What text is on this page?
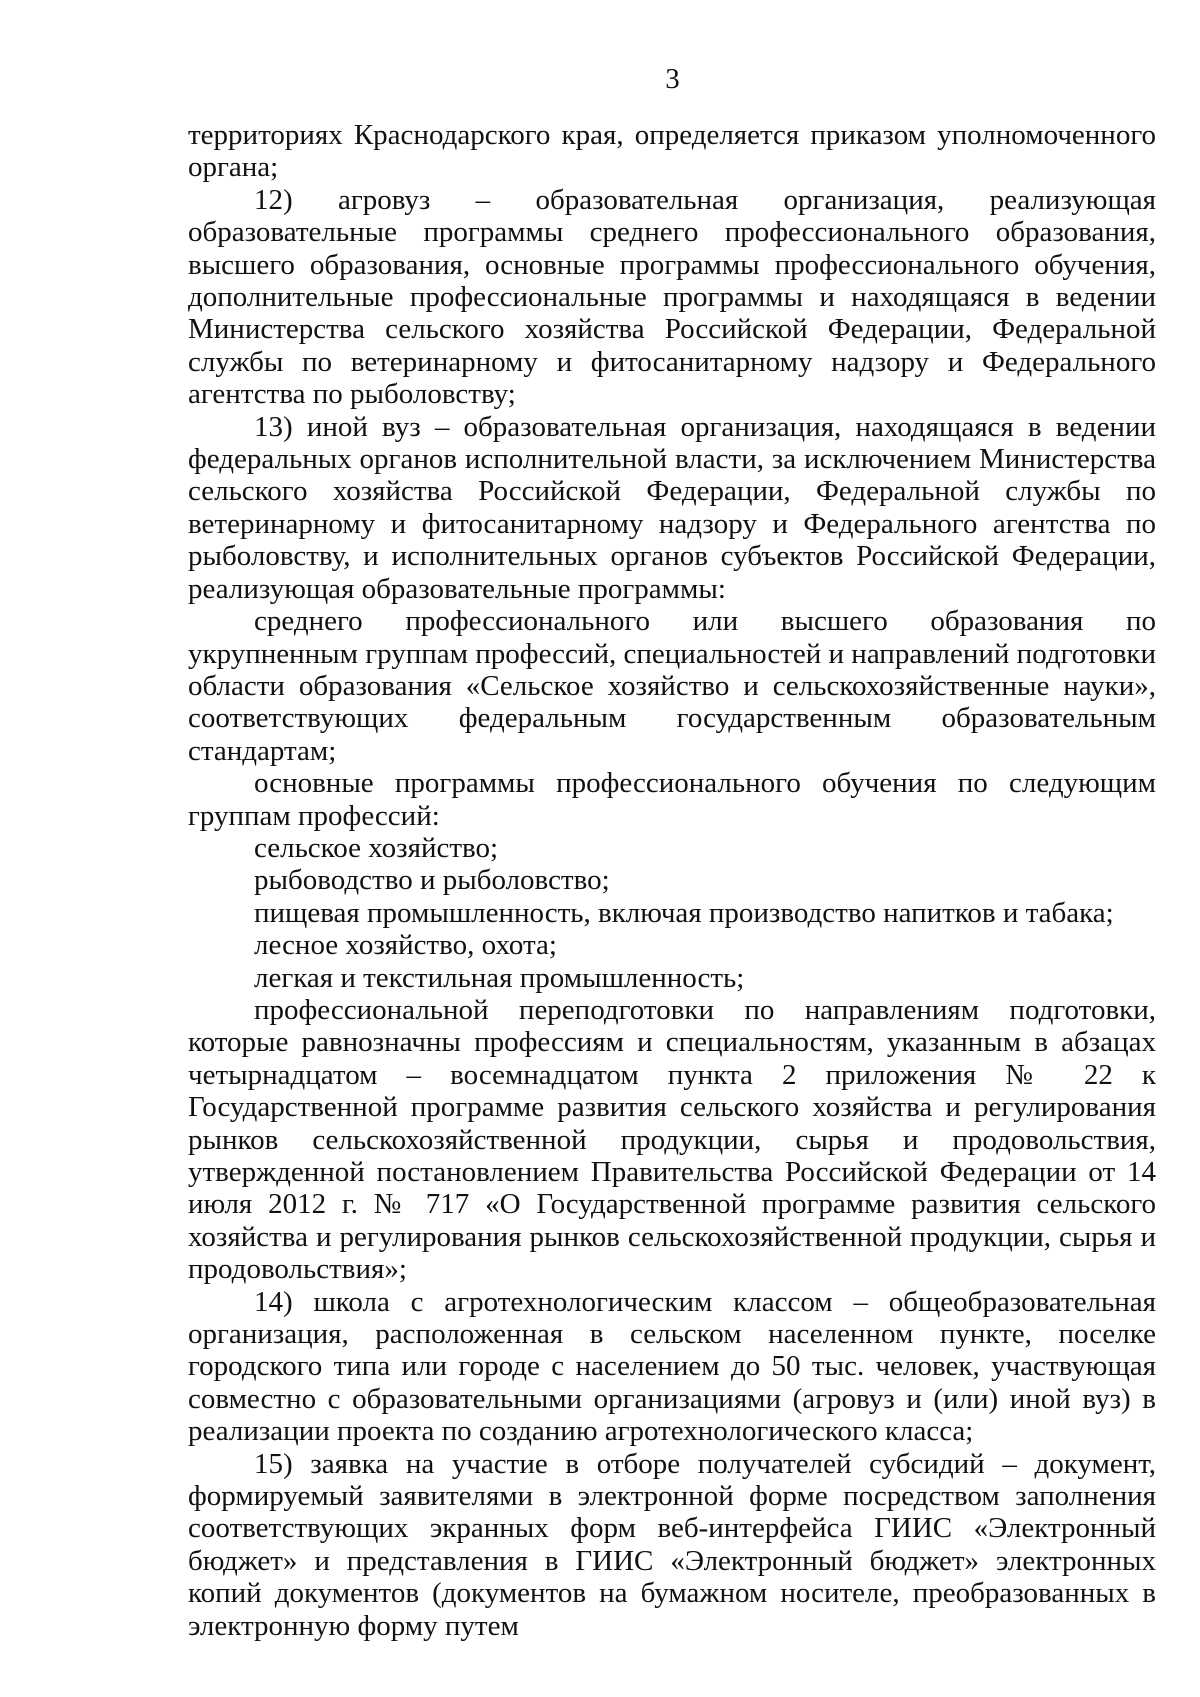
3

территориях Краснодарского края, определяется приказом уполномоченного органа;

12) агровуз – образовательная организация, реализующая образовательные программы среднего профессионального образования, высшего образования, основные программы профессионального обучения, дополнительные профессиональные программы и находящаяся в ведении Министерства сельского хозяйства Российской Федерации, Федеральной службы по ветеринарному и фитосанитарному надзору и Федерального агентства по рыболовству;

13) иной вуз – образовательная организация, находящаяся в ведении федеральных органов исполнительной власти, за исключением Министерства сельского хозяйства Российской Федерации, Федеральной службы по ветеринарному и фитосанитарному надзору и Федерального агентства по рыболовству, и исполнительных органов субъектов Российской Федерации, реализующая образовательные программы:

среднего профессионального или высшего образования по укрупненным группам профессий, специальностей и направлений подготовки области образования «Сельское хозяйство и сельскохозяйственные науки», соответствующих федеральным государственным образовательным стандартам;

основные программы профессионального обучения по следующим группам профессий:

сельское хозяйство;

рыбоводство и рыболовство;

пищевая промышленность, включая производство напитков и табака;

лесное хозяйство, охота;

легкая и текстильная промышленность;

профессиональной переподготовки по направлениям подготовки, которые равнозначны профессиям и специальностям, указанным в абзацах четырнадцатом – восемнадцатом пункта 2 приложения № 22 к Государственной программе развития сельского хозяйства и регулирования рынков сельскохозяйственной продукции, сырья и продовольствия, утвержденной постановлением Правительства Российской Федерации от 14 июля 2012 г. № 717 «О Государственной программе развития сельского хозяйства и регулирования рынков сельскохозяйственной продукции, сырья и продовольствия»;

14) школа с агротехнологическим классом – общеобразовательная организация, расположенная в сельском населенном пункте, поселке городского типа или городе с населением до 50 тыс. человек, участвующая совместно с образовательными организациями (агровуз и (или) иной вуз) в реализации проекта по созданию агротехнологического класса;

15) заявка на участие в отборе получателей субсидий – документ, формируемый заявителями в электронной форме посредством заполнения соответствующих экранных форм веб-интерфейса ГИИС «Электронный бюджет» и представления в ГИИС «Электронный бюджет» электронных копий документов (документов на бумажном носителе, преобразованных в электронную форму путем
